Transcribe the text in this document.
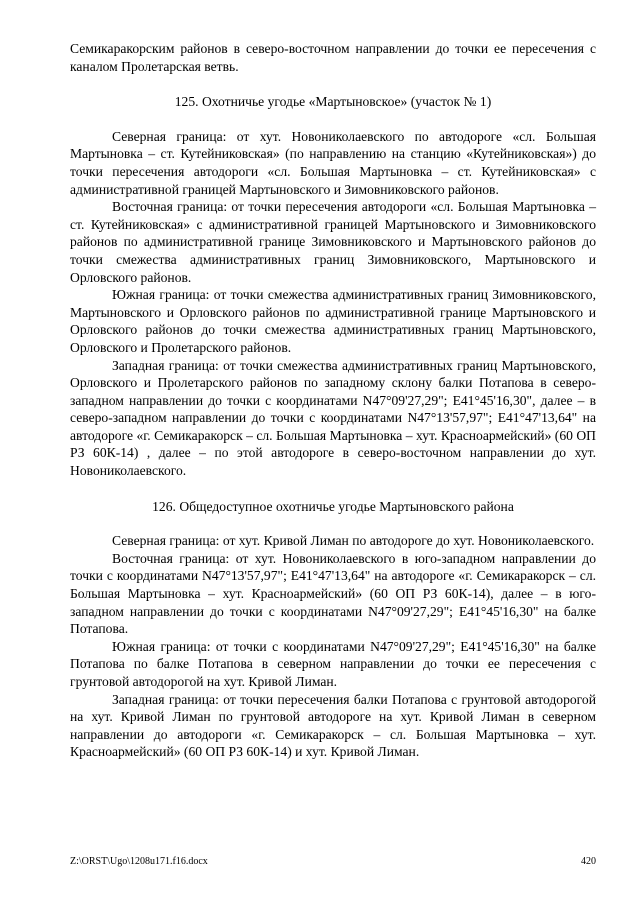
Семикаракорским районов в северо-восточном направлении до точки ее пересечения с каналом Пролетарская ветвь.

125. Охотничье угодье «Мартыновское» (участок № 1)

Северная граница: от хут. Новониколаевского по автодороге «сл. Большая Мартыновка – ст. Кутейниковская» (по направлению на станцию «Кутейниковская») до точки пересечения автодороги «сл. Большая Мартыновка – ст. Кутейниковская» с административной границей Мартыновского и Зимовниковского районов.

Восточная граница: от точки пересечения автодороги «сл. Большая Мартыновка – ст. Кутейниковская» с административной границей Мартыновского и Зимовниковского районов по административной границе Зимовниковского и Мартыновского районов до точки смежества административных границ Зимовниковского, Мартыновского и Орловского районов.

Южная граница: от точки смежества административных границ Зимовниковского, Мартыновского и Орловского районов по административной границе Мартыновского и Орловского районов до точки смежества административных границ Мартыновского, Орловского и Пролетарского районов.

Западная граница: от точки смежества административных границ Мартыновского, Орловского и Пролетарского районов по западному склону балки Потапова в северо-западном направлении до точки с координатами N47°09'27,29"; E41°45'16,30", далее – в северо-западном направлении до точки с координатами N47°13'57,97"; E41°47'13,64" на автодороге «г. Семикаракорск – сл. Большая Мартыновка – хут. Красноармейский» (60 ОП РЗ 60К-14) , далее – по этой автодороге в северо-восточном направлении до хут. Новониколаевского.

126. Общедоступное охотничье угодье Мартыновского района

Северная граница: от хут. Кривой Лиман по автодороге до хут. Новониколаевского.

Восточная граница: от хут. Новониколаевского в юго-западном направлении до точки с координатами N47°13'57,97"; E41°47'13,64" на автодороге «г. Семикаракорск – сл. Большая Мартыновка – хут. Красноармейский» (60 ОП РЗ 60К-14), далее – в юго-западном направлении до точки с координатами N47°09'27,29"; E41°45'16,30" на балке Потапова.

Южная граница: от точки с координатами N47°09'27,29"; E41°45'16,30" на балке Потапова по балке Потапова в северном направлении до точки ее пересечения с грунтовой автодорогой на хут. Кривой Лиман.

Западная граница: от точки пересечения балки Потапова с грунтовой автодорогой на хут. Кривой Лиман по грунтовой автодороге на хут. Кривой Лиман в северном направлении до автодороги «г. Семикаракорск – сл. Большая Мартыновка – хут. Красноармейский» (60 ОП РЗ 60К-14) и хут. Кривой Лиман.

Z:\ORST\Ugo\1208u171.f16.docx	420
